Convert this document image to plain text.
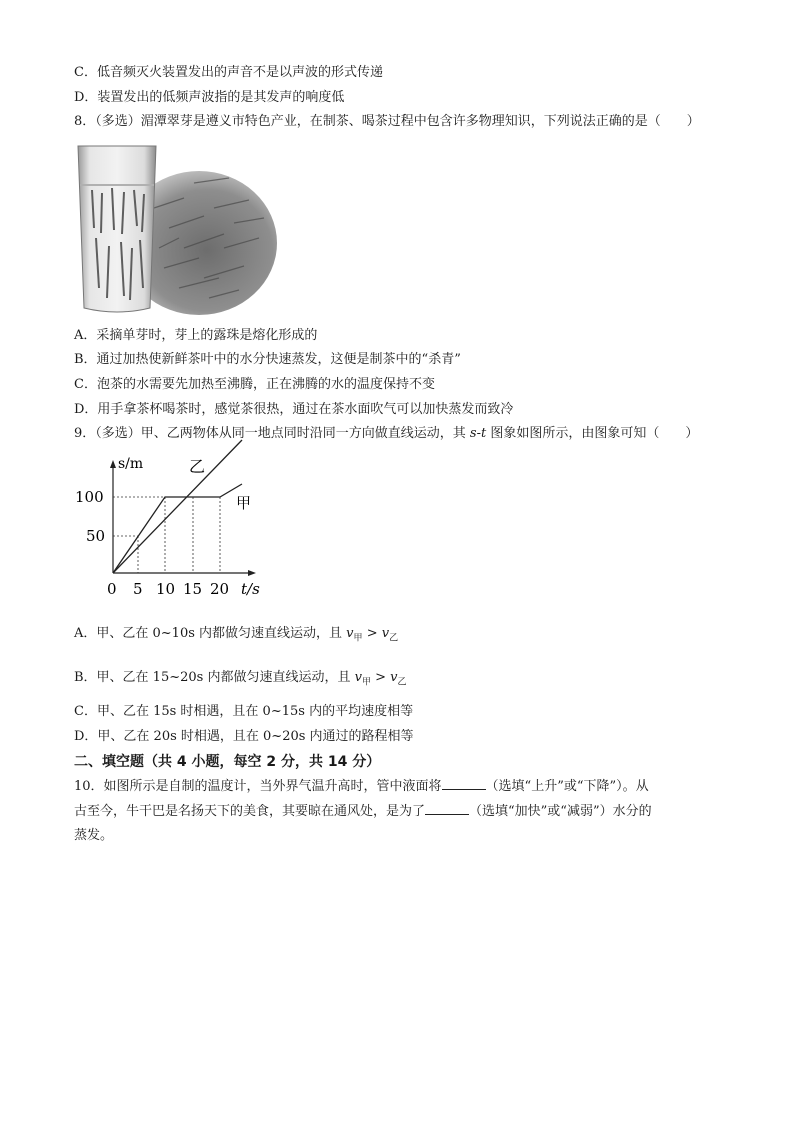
C．低音频灭火装置发出的声音不是以声波的形式传递
D．装置发出的低频声波指的是其发声的响度低
8．（多选）湄潭翠芽是遵义市特色产业，在制茶、喝茶过程中包含许多物理知识，下列说法正确的是（　　）
A．采摘单芽时，芽上的露珠是熔化形成的
B．通过加热使新鲜茶叶中的水分快速蒸发，这便是制茶中的“杀青”
C．泡茶的水需要先加热至沸腾，正在沸腾的水的温度保持不变
D．用手拿茶杯喝茶时，感觉茶很热，通过在茶水面吹气可以加快蒸发而致冷
9．（多选）甲、乙两物体从同一地点同时沿同一方向做直线运动，其 s-t 图象如图所示，由图象可知（　　）
s/m	乙
甲
100
50
0 5 10 15 20 t/s
A．甲、乙在 0~10s 内都做匀速直线运动，且 $v_甲 > v_乙$
B．甲、乙在 15~20s 内都做匀速直线运动，且 $v_甲 > v_乙$
C．甲、乙在 15s 时相遇，且在 0~15s 内的平均速度相等
D．甲、乙在 20s 时相遇，且在 0~20s 内通过的路程相等
二、填空题（共 4 小题，每空 2 分，共 14 分）
10．如图所示是自制的温度计，当外界气温升高时，管中液面将	（选填“上升”或“下降”）。从
古至今，牛干巴是名扬天下的美食，其要晾在通风处，是为了	（选填“加快”或“减弱”）水分的
蒸发。
